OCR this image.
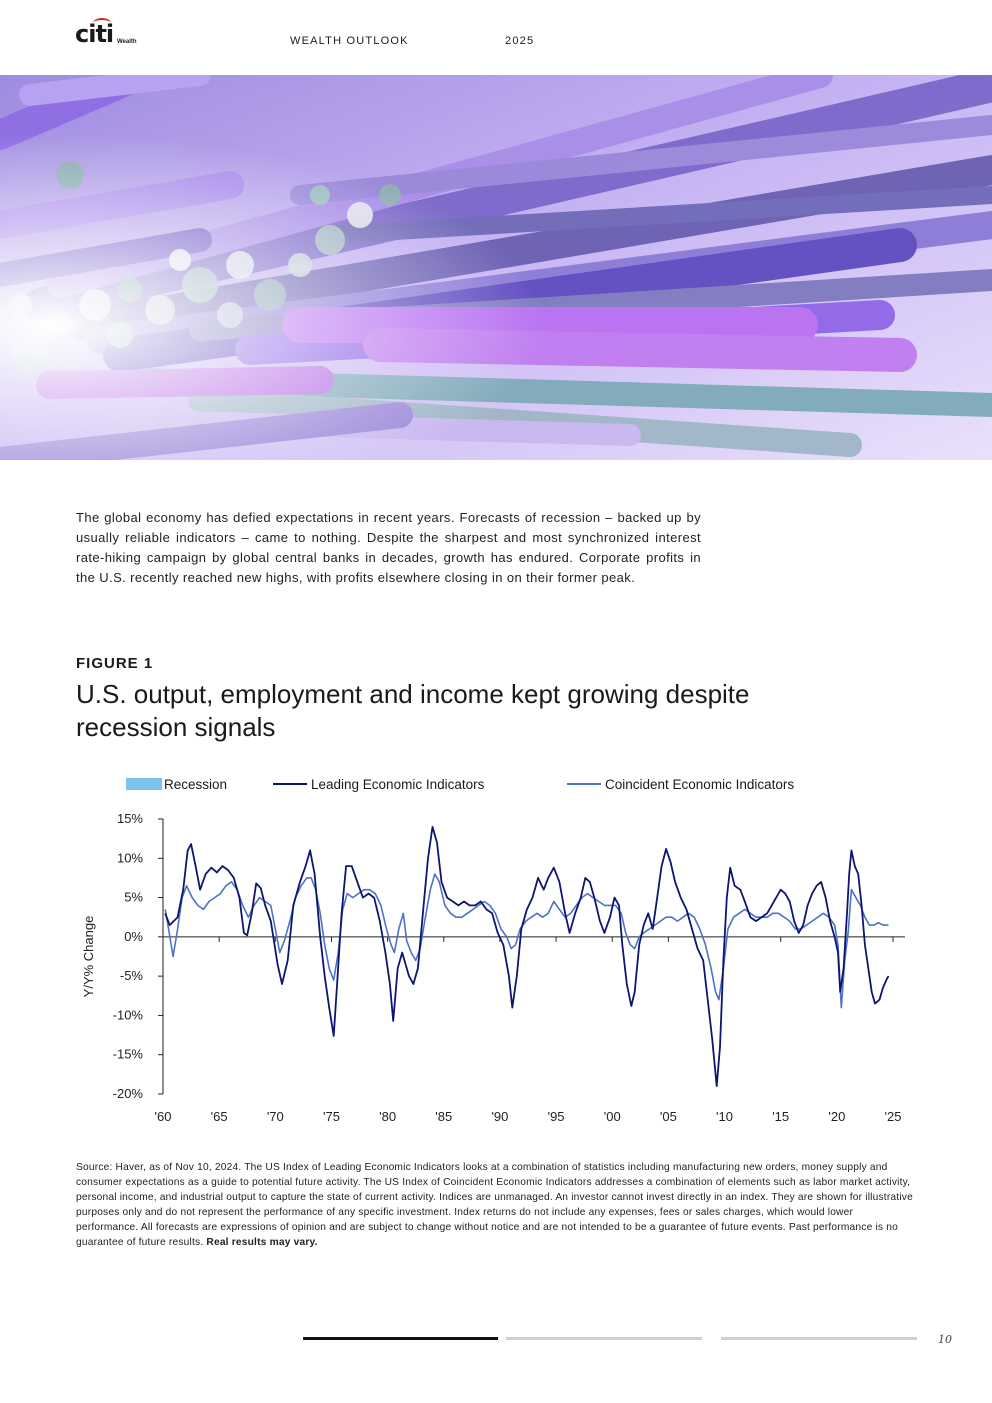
citi Wealth	WEALTH OUTLOOK	2025
The global economy has defied expectations in recent years. Forecasts of recession – backed up by usually reliable indicators – came to nothing. Despite the sharpest and most synchronized interest rate-hiking campaign by global central banks in decades, growth has endured. Corporate profits in the U.S. recently reached new highs, with profits elsewhere closing in on their former peak.
FIGURE 1
U.S. output, employment and income kept growing despite recession signals
Recession	Leading Economic Indicators	Coincident Economic Indicators
15%
10%
5%
0%
-5%
-10%
-15%
-20%
'60	'65	'70	'75	'80	'85	'90	'95	'00	'05	'10	'15	'20	'25
Y/Y% Change
Source: Haver, as of Nov 10, 2024. The US Index of Leading Economic Indicators looks at a combination of statistics including manufacturing new orders, money supply and consumer expectations as a guide to potential future activity. The US Index of Coincident Economic Indicators addresses a combination of elements such as labor market activity, personal income, and industrial output to capture the state of current activity. Indices are unmanaged. An investor cannot invest directly in an index. They are shown for illustrative purposes only and do not represent the performance of any specific investment. Index returns do not include any expenses, fees or sales charges, which would lower performance. All forecasts are expressions of opinion and are subject to change without notice and are not intended to be a guarantee of future events. Past performance is no guarantee of future results. Real results may vary.
10
